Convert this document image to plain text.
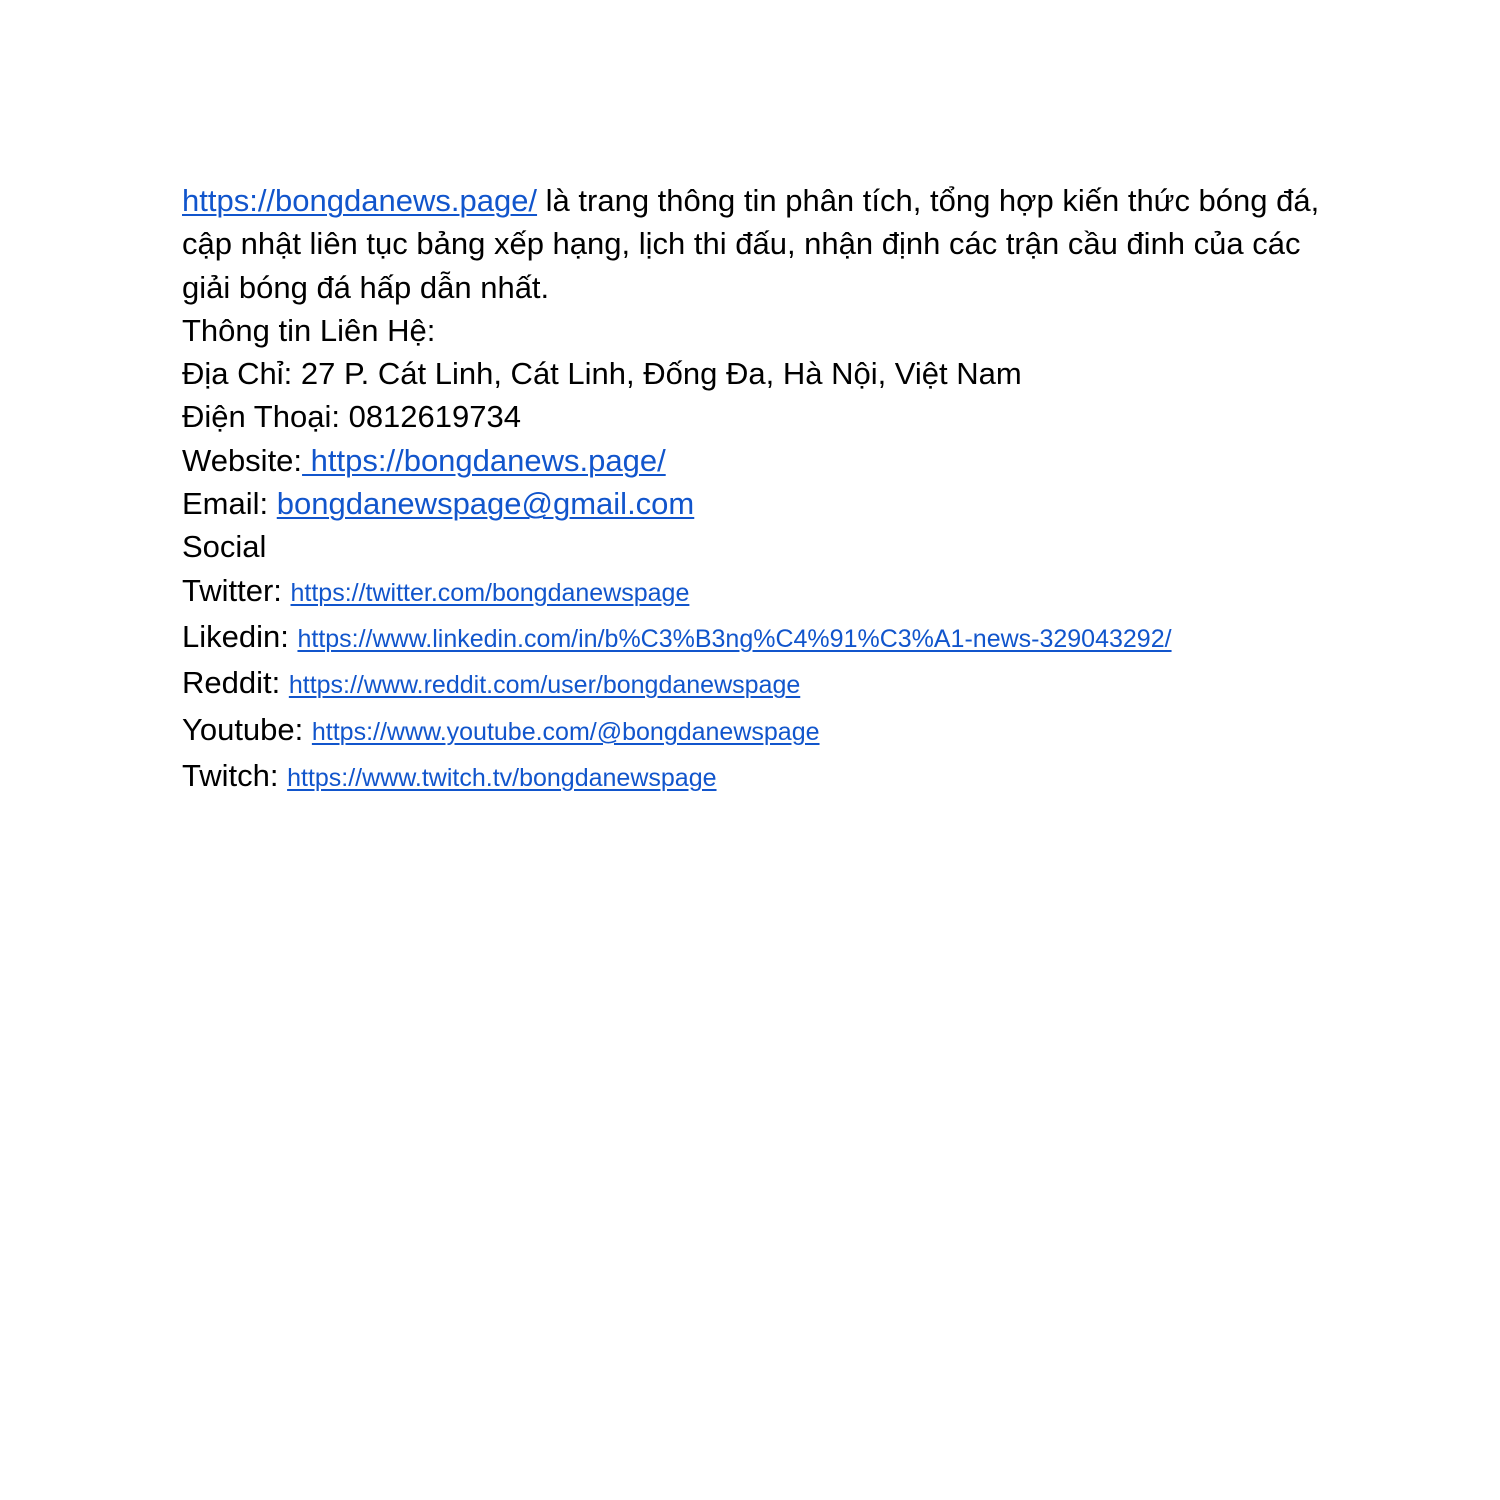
https://bongdanews.page/ là trang thông tin phân tích, tổng hợp kiến thức bóng đá, cập nhật liên tục bảng xếp hạng, lịch thi đấu, nhận định các trận cầu đinh của các giải bóng đá hấp dẫn nhất.

Thông tin Liên Hệ:

Địa Chỉ: 27 P. Cát Linh, Cát Linh, Đống Đa, Hà Nội, Việt Nam

Điện Thoại: 0812619734

Website: https://bongdanews.page/

Email: bongdanewspage@gmail.com

Social

Twitter: https://twitter.com/bongdanewspage

Likedin: https://www.linkedin.com/in/b%C3%B3ng%C4%91%C3%A1-news-329043292/

Reddit: https://www.reddit.com/user/bongdanewspage

Youtube: https://www.youtube.com/@bongdanewspage

Twitch: https://www.twitch.tv/bongdanewspage
